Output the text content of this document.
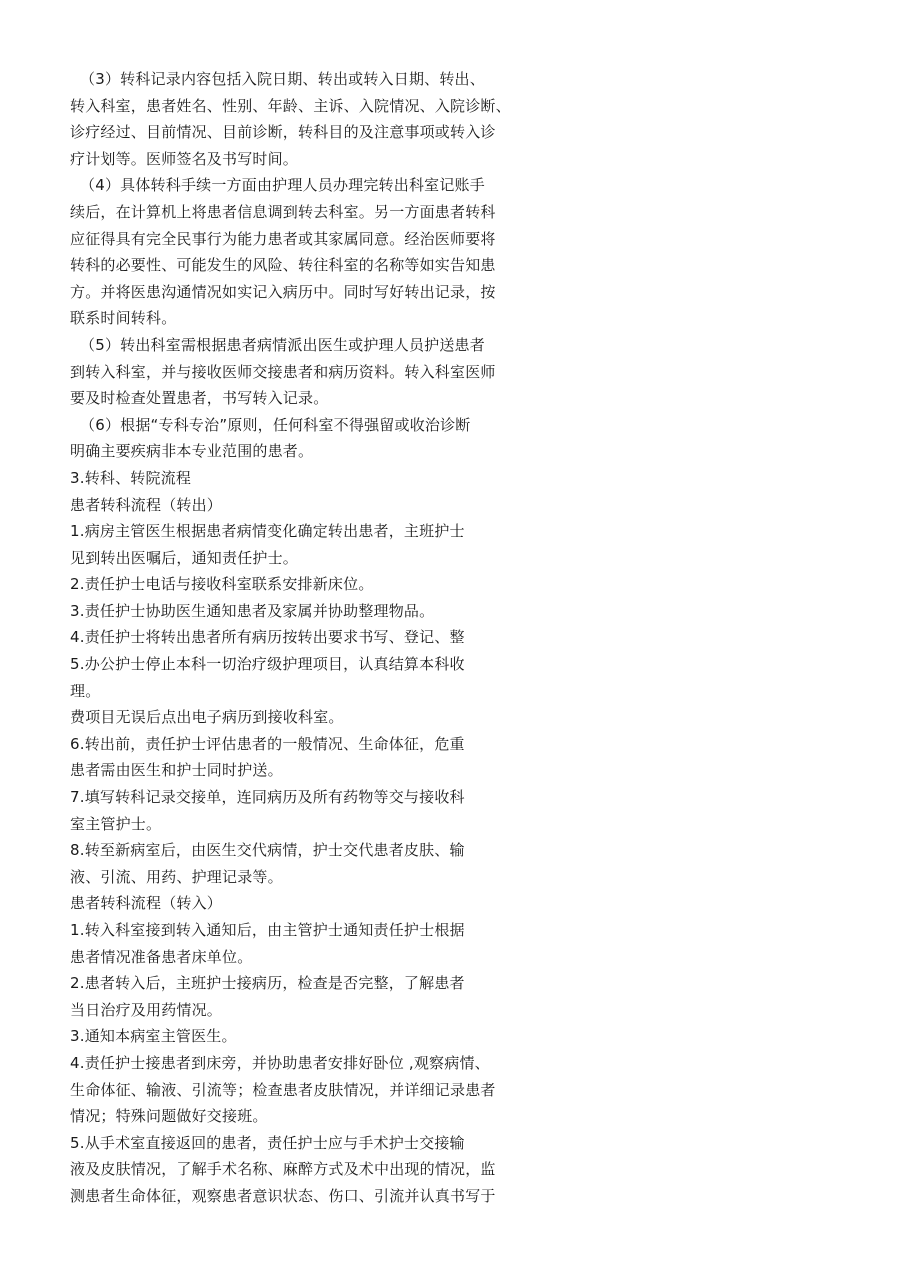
（3）转科记录内容包括入院日期、转出或转入日期、转出、
转入科室，患者姓名、性别、年龄、主诉、入院情况、入院诊断、
诊疗经过、目前情况、目前诊断，转科目的及注意事项或转入诊
疗计划等。医师签名及书写时间。
（4）具体转科手续一方面由护理人员办理完转出科室记账手
续后，在计算机上将患者信息调到转去科室。另一方面患者转科
应征得具有完全民事行为能力患者或其家属同意。经治医师要将
转科的必要性、可能发生的风险、转往科室的名称等如实告知患
方。并将医患沟通情况如实记入病历中。同时写好转出记录，按
联系时间转科。
（5）转出科室需根据患者病情派出医生或护理人员护送患者
到转入科室，并与接收医师交接患者和病历资料。转入科室医师
要及时检查处置患者，书写转入记录。
（6）根据“专科专治”原则，任何科室不得强留或收治诊断
明确主要疾病非本专业范围的患者。
3.转科、转院流程
患者转科流程（转出）
1.病房主管医生根据患者病情变化确定转出患者，主班护士
见到转出医嘱后，通知责任护士。
2.责任护士电话与接收科室联系安排新床位。
3.责任护士协助医生通知患者及家属并协助整理物品。
4.责任护士将转出患者所有病历按转出要求书写、登记、整
5.办公护士停止本科一切治疗级护理项目，认真结算本科收
理。
费项目无误后点出电子病历到接收科室。
6.转出前，责任护士评估患者的一般情况、生命体征，危重
患者需由医生和护士同时护送。
7.填写转科记录交接单，连同病历及所有药物等交与接收科
室主管护士。
8.转至新病室后，由医生交代病情，护士交代患者皮肤、输
液、引流、用药、护理记录等。
患者转科流程（转入）
1.转入科室接到转入通知后，由主管护士通知责任护士根据
患者情况准备患者床单位。
2.患者转入后，主班护士接病历，检查是否完整，了解患者
当日治疗及用药情况。
3.通知本病室主管医生。
4.责任护士接患者到床旁，并协助患者安排好卧位 ,观察病情、
生命体征、输液、引流等；检查患者皮肤情况，并详细记录患者
情况；特殊问题做好交接班。
5.从手术室直接返回的患者，责任护士应与手术护士交接输
液及皮肤情况，了解手术名称、麻醉方式及术中出现的情况，监
测患者生命体征，观察患者意识状态、伤口、引流并认真书写于
